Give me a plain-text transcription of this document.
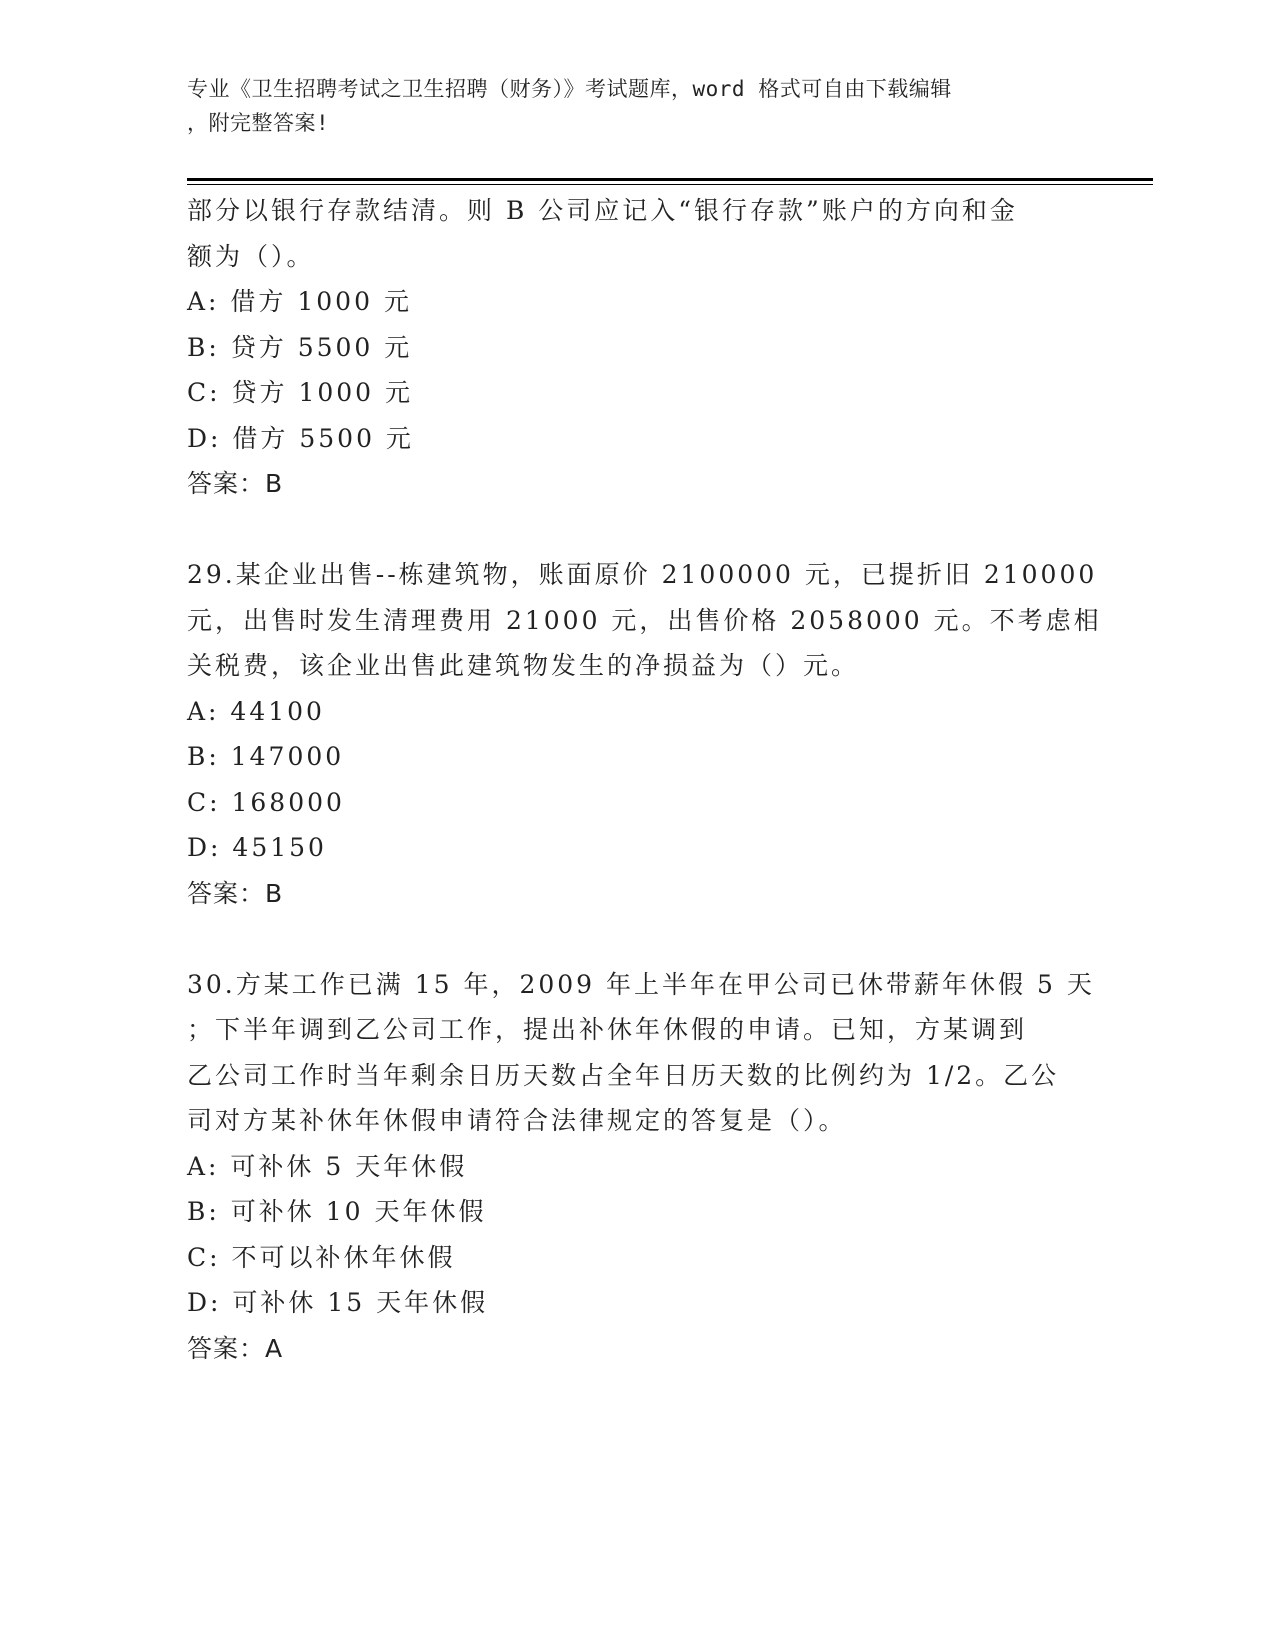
专业《卫生招聘考试之卫生招聘（财务）》考试题库，word 格式可自由下载编辑
，附完整答案!
部分以银行存款结清。则 B 公司应记入“银行存款”账户的方向和金
额为（）。
A: 借方 1000 元
B: 贷方 5500 元
C: 贷方 1000 元
D: 借方 5500 元
答案：B
29.某企业出售--栋建筑物，账面原价 2100000 元，已提折旧 210000
元，出售时发生清理费用 21000 元，出售价格 2058000 元。不考虑相
关税费，该企业出售此建筑物发生的净损益为（）元。
A: 44100
B: 147000
C: 168000
D: 45150
答案：B
30.方某工作已满 15 年，2009 年上半年在甲公司已休带薪年休假 5 天
；下半年调到乙公司工作，提出补休年休假的申请。已知，方某调到
乙公司工作时当年剩余日历天数占全年日历天数的比例约为 1/2。乙公
司对方某补休年休假申请符合法律规定的答复是（）。
A: 可补休 5 天年休假
B: 可补休 10 天年休假
C: 不可以补休年休假
D: 可补休 15 天年休假
答案：A
